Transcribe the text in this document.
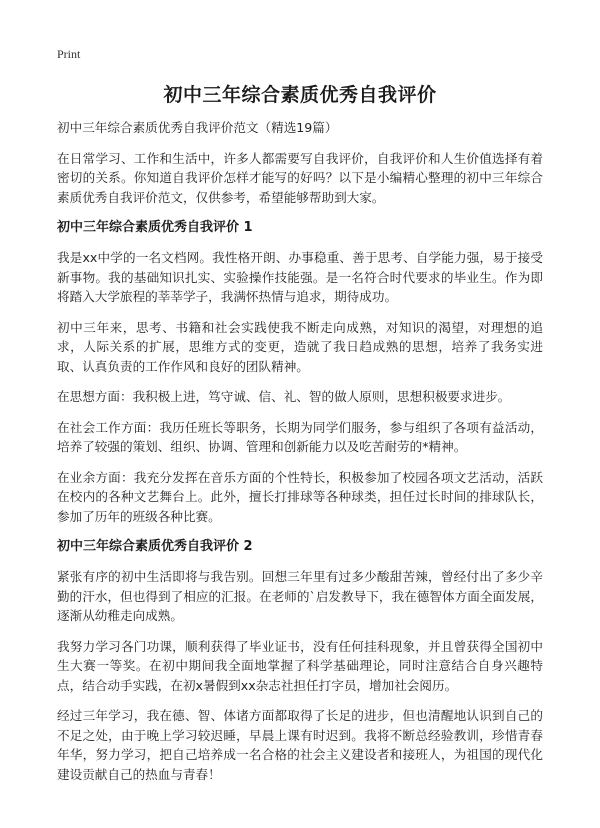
Print
初中三年综合素质优秀自我评价

初中三年综合素质优秀自我评价范文（精选19篇）

在日常学习、工作和生活中，许多人都需要写自我评价，自我评价和人生价值选择有着密切的关系。你知道自我评价怎样才能写的好吗？以下是小编精心整理的初中三年综合素质优秀自我评价范文，仅供参考，希望能够帮助到大家。

初中三年综合素质优秀自我评价 1

我是xx中学的一名文档网。我性格开朗、办事稳重、善于思考、自学能力强，易于接受新事物。我的基础知识扎实、实验操作技能强。是一名符合时代要求的毕业生。作为即将踏入大学旅程的莘莘学子，我满怀热情与追求，期待成功。

初中三年来，思考、书籍和社会实践使我不断走向成熟，对知识的渴望，对理想的追求，人际关系的扩展，思维方式的变更，造就了我日趋成熟的思想，培养了我务实进取、认真负责的工作作风和良好的团队精神。

在思想方面：我积极上进，笃守诚、信、礼、智的做人原则，思想积极要求进步。

在社会工作方面：我历任班长等职务，长期为同学们服务，参与组织了各项有益活动，培养了较强的策划、组织、协调、管理和创新能力以及吃苦耐劳的*精神。

在业余方面：我充分发挥在音乐方面的个性特长，积极参加了校园各项文艺活动，活跃在校内的各种文艺舞台上。此外，擅长打排球等各种球类，担任过长时间的排球队长，参加了历年的班级各种比赛。

初中三年综合素质优秀自我评价 2

紧张有序的初中生活即将与我告别。回想三年里有过多少酸甜苦辣，曾经付出了多少辛勤的汗水，但也得到了相应的汇报。在老师的`启发教导下，我在德智体方面全面发展，逐渐从幼稚走向成熟。

我努力学习各门功课，顺利获得了毕业证书，没有任何挂科现象，并且曾获得全国初中生大赛一等奖。在初中期间我全面地掌握了科学基础理论，同时注意结合自身兴趣特点，结合动手实践，在初x暑假到xx杂志社担任打字员，增加社会阅历。

经过三年学习，我在德、智、体诸方面都取得了长足的进步，但也清醒地认识到自己的不足之处，由于晚上学习较迟睡，早晨上课有时迟到。我将不断总经验教训，珍惜青春年华，努力学习，把自己培养成一名合格的社会主义建设者和接班人，为祖国的现代化建设贡献自己的热血与青春！
